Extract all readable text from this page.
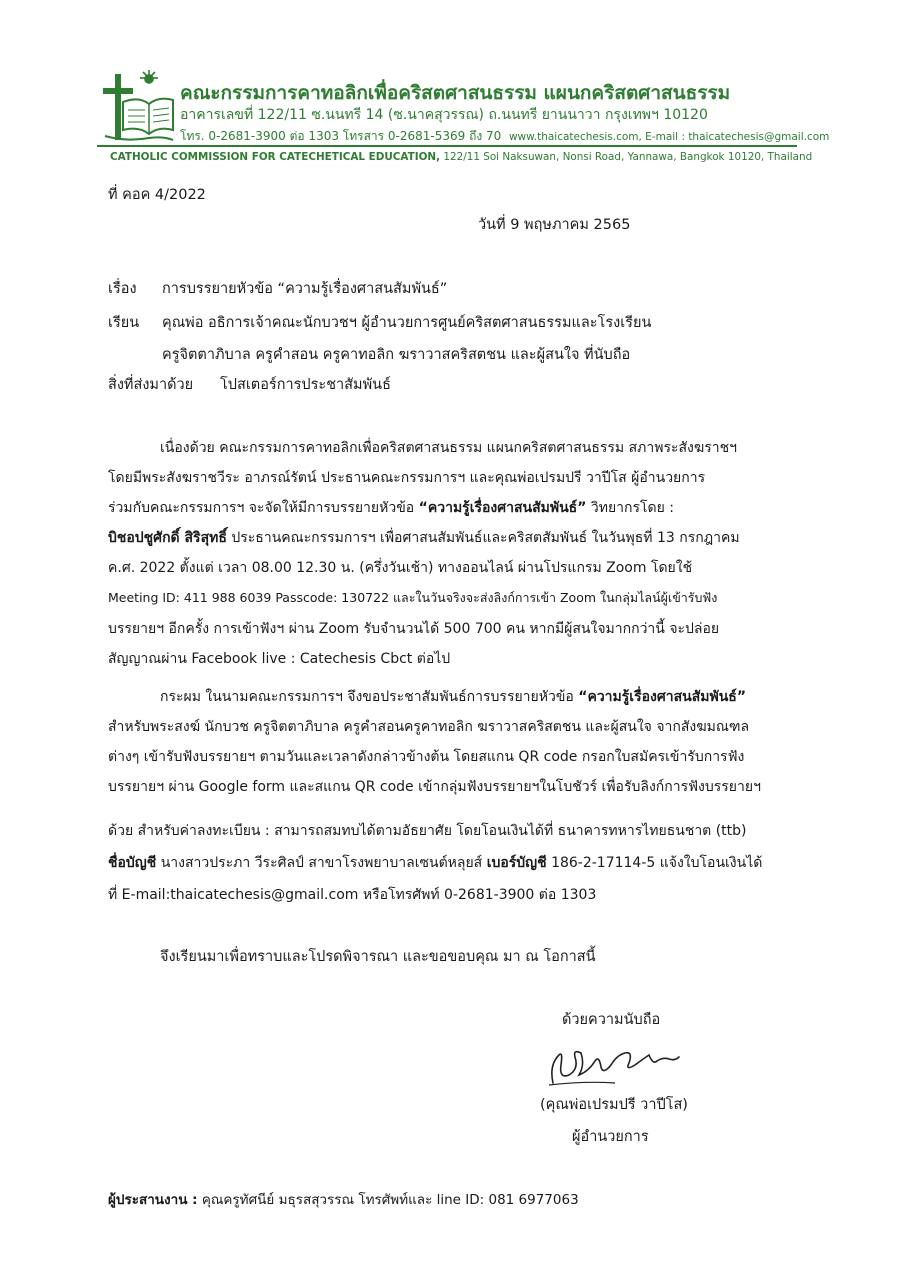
คณะกรรมการคาทอลิกเพื่อคริสตศาสนธรรม แผนกคริสตศาสนธรรม
อาคารเลขที่ 122/11 ซ.นนทรี 14 (ซ.นาคสุวรรณ) ถ.นนทรี ยานนาวา กรุงเทพฯ 10120
โทร. 0-2681-3900 ต่อ 1303 โทรสาร 0-2681-5369 ถึง 70 www.thaicatechesis.com, E-mail : thaicatechesis@gmail.com
CATHOLIC COMMISSION FOR CATECHETICAL EDUCATION, 122/11 Soi Naksuwan, Nonsi Road, Yannawa, Bangkok 10120, Thailand
ที่ คอค 4/2022
วันที่ 9 พฤษภาคม 2565
เรื่อง การบรรยายหัวข้อ “ความรู้เรื่องศาสนสัมพันธ์”
เรียน คุณพ่อ อธิการเจ้าคณะนักบวชฯ ผู้อำนวยการศูนย์คริสตศาสนธรรมและโรงเรียน
ครูจิตตาภิบาล ครูคำสอน ครูคาทอลิก ฆราวาสคริสตชน และผู้สนใจ ที่นับถือ
สิ่งที่ส่งมาด้วย โปสเตอร์การประชาสัมพันธ์
เนื่องด้วย คณะกรรมการคาทอลิกเพื่อคริสตศาสนธรรม แผนกคริสตศาสนธรรม สภาพระสังฆราชฯ
โดยมีพระสังฆราชวีระ อาภรณ์รัตน์ ประธานคณะกรรมการฯ และคุณพ่อเปรมปรี วาปีโส ผู้อำนวยการ
ร่วมกับคณะกรรมการฯ จะจัดให้มีการบรรยายหัวข้อ “ความรู้เรื่องศาสนสัมพันธ์” วิทยากรโดย :
บิชอปชูศักดิ์ สิริสุทธิ์ ประธานคณะกรรมการฯ เพื่อศาสนสัมพันธ์และคริสตสัมพันธ์ ในวันพุธที่ 13 กรกฎาคม
ค.ศ. 2022 ตั้งแต่ เวลา 08.00 12.30 น. (ครึ่งวันเช้า) ทางออนไลน์ ผ่านโปรแกรม Zoom โดยใช้
Meeting ID: 411 988 6039 Passcode: 130722 และในวันจริงจะส่งลิงก์การเข้า Zoom ในกลุ่มไลน์ผู้เข้ารับฟัง
บรรยายฯ อีกครั้ง การเข้าฟังฯ ผ่าน Zoom รับจำนวนได้ 500 700 คน หากมีผู้สนใจมากกว่านี้ จะปล่อย
สัญญาณผ่าน Facebook live : Catechesis Cbct ต่อไป
กระผม ในนามคณะกรรมการฯ จึงขอประชาสัมพันธ์การบรรยายหัวข้อ “ความรู้เรื่องศาสนสัมพันธ์”
สำหรับพระสงฆ์ นักบวช ครูจิตตาภิบาล ครูคำสอนครูคาทอลิก ฆราวาสคริสตชน และผู้สนใจ จากสังฆมณฑล
ต่างๆ เข้ารับฟังบรรยายฯ ตามวันและเวลาดังกล่าวข้างต้น โดยสแกน QR code กรอกใบสมัครเข้ารับการฟัง
บรรยายฯ ผ่าน Google form และสแกน QR code เข้ากลุ่มฟังบรรยายฯในโบชัวร์ เพื่อรับลิงก์การฟังบรรยายฯ
ด้วย สำหรับค่าลงทะเบียน : สามารถสมทบได้ตามอัธยาศัย โดยโอนเงินได้ที่ ธนาคารทหารไทยธนชาต (ttb)
ชื่อบัญชี นางสาวประภา วีระศิลป์ สาขาโรงพยาบาลเซนต์หลุยส์ เบอร์บัญชี 186-2-17114-5 แจ้งใบโอนเงินได้
ที่ E-mail:thaicatechesis@gmail.com หรือโทรศัพท์ 0-2681-3900 ต่อ 1303
จึงเรียนมาเพื่อทราบและโปรดพิจารณา และขอขอบคุณ มา ณ โอกาสนี้
ด้วยความนับถือ
(คุณพ่อเปรมปรี วาปีโส)
ผู้อำนวยการ
ผู้ประสานงาน : คุณครูทัศนีย์ มธุรสสุวรรณ โทรศัพท์และ line ID: 081 6977063
